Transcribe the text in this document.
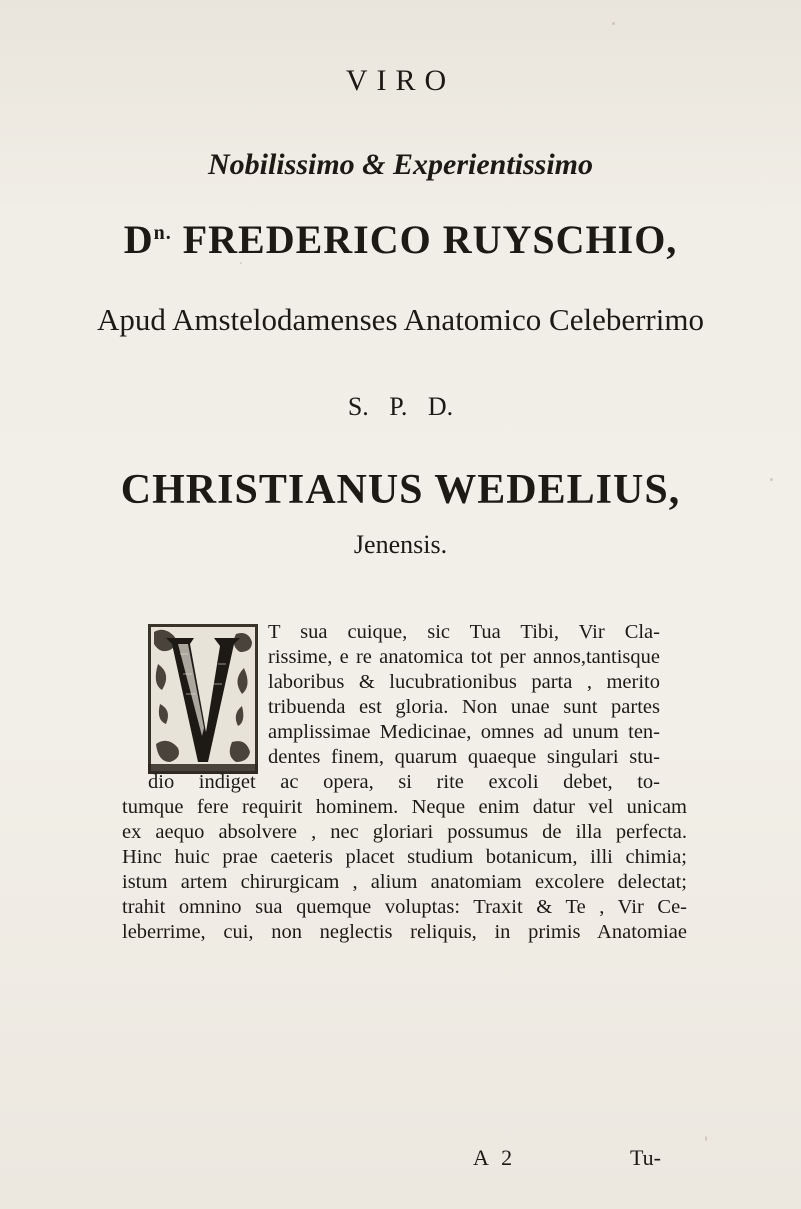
VIRO
Nobilissimo & Experientissimo
$D^{n.}$ FREDERICO RUYSCHIO,
Apud Amstelodamenses Anatomico Celeberrimo
S. P. D.
CHRISTIANUS WEDELIUS,
Jenensis.
T sua cuique, sic Tua Tibi, Vir Cla-
rissime, e re anatomica tot per annos,tantisque
laboribus & lucubrationibus parta , merito
tribuenda est gloria. Non unae sunt partes
amplissimae Medicinae, omnes ad unum ten-
dentes finem, quarum quaeque singulari stu-
dio indiget ac opera, si rite excoli debet, to-
tumque fere requirit hominem. Neque enim datur vel unicam
ex aequo absolvere , nec gloriari possumus de illa perfecta.
Hinc huic prae caeteris placet studium botanicum, illi chimia;
istum artem chirurgicam , alium anatomiam excolere delectat;
trahit omnino sua quemque voluptas: Traxit & Te , Vir Ce-
leberrime, cui, non neglectis reliquis, in primis Anatomiae
A 2	Tu-
